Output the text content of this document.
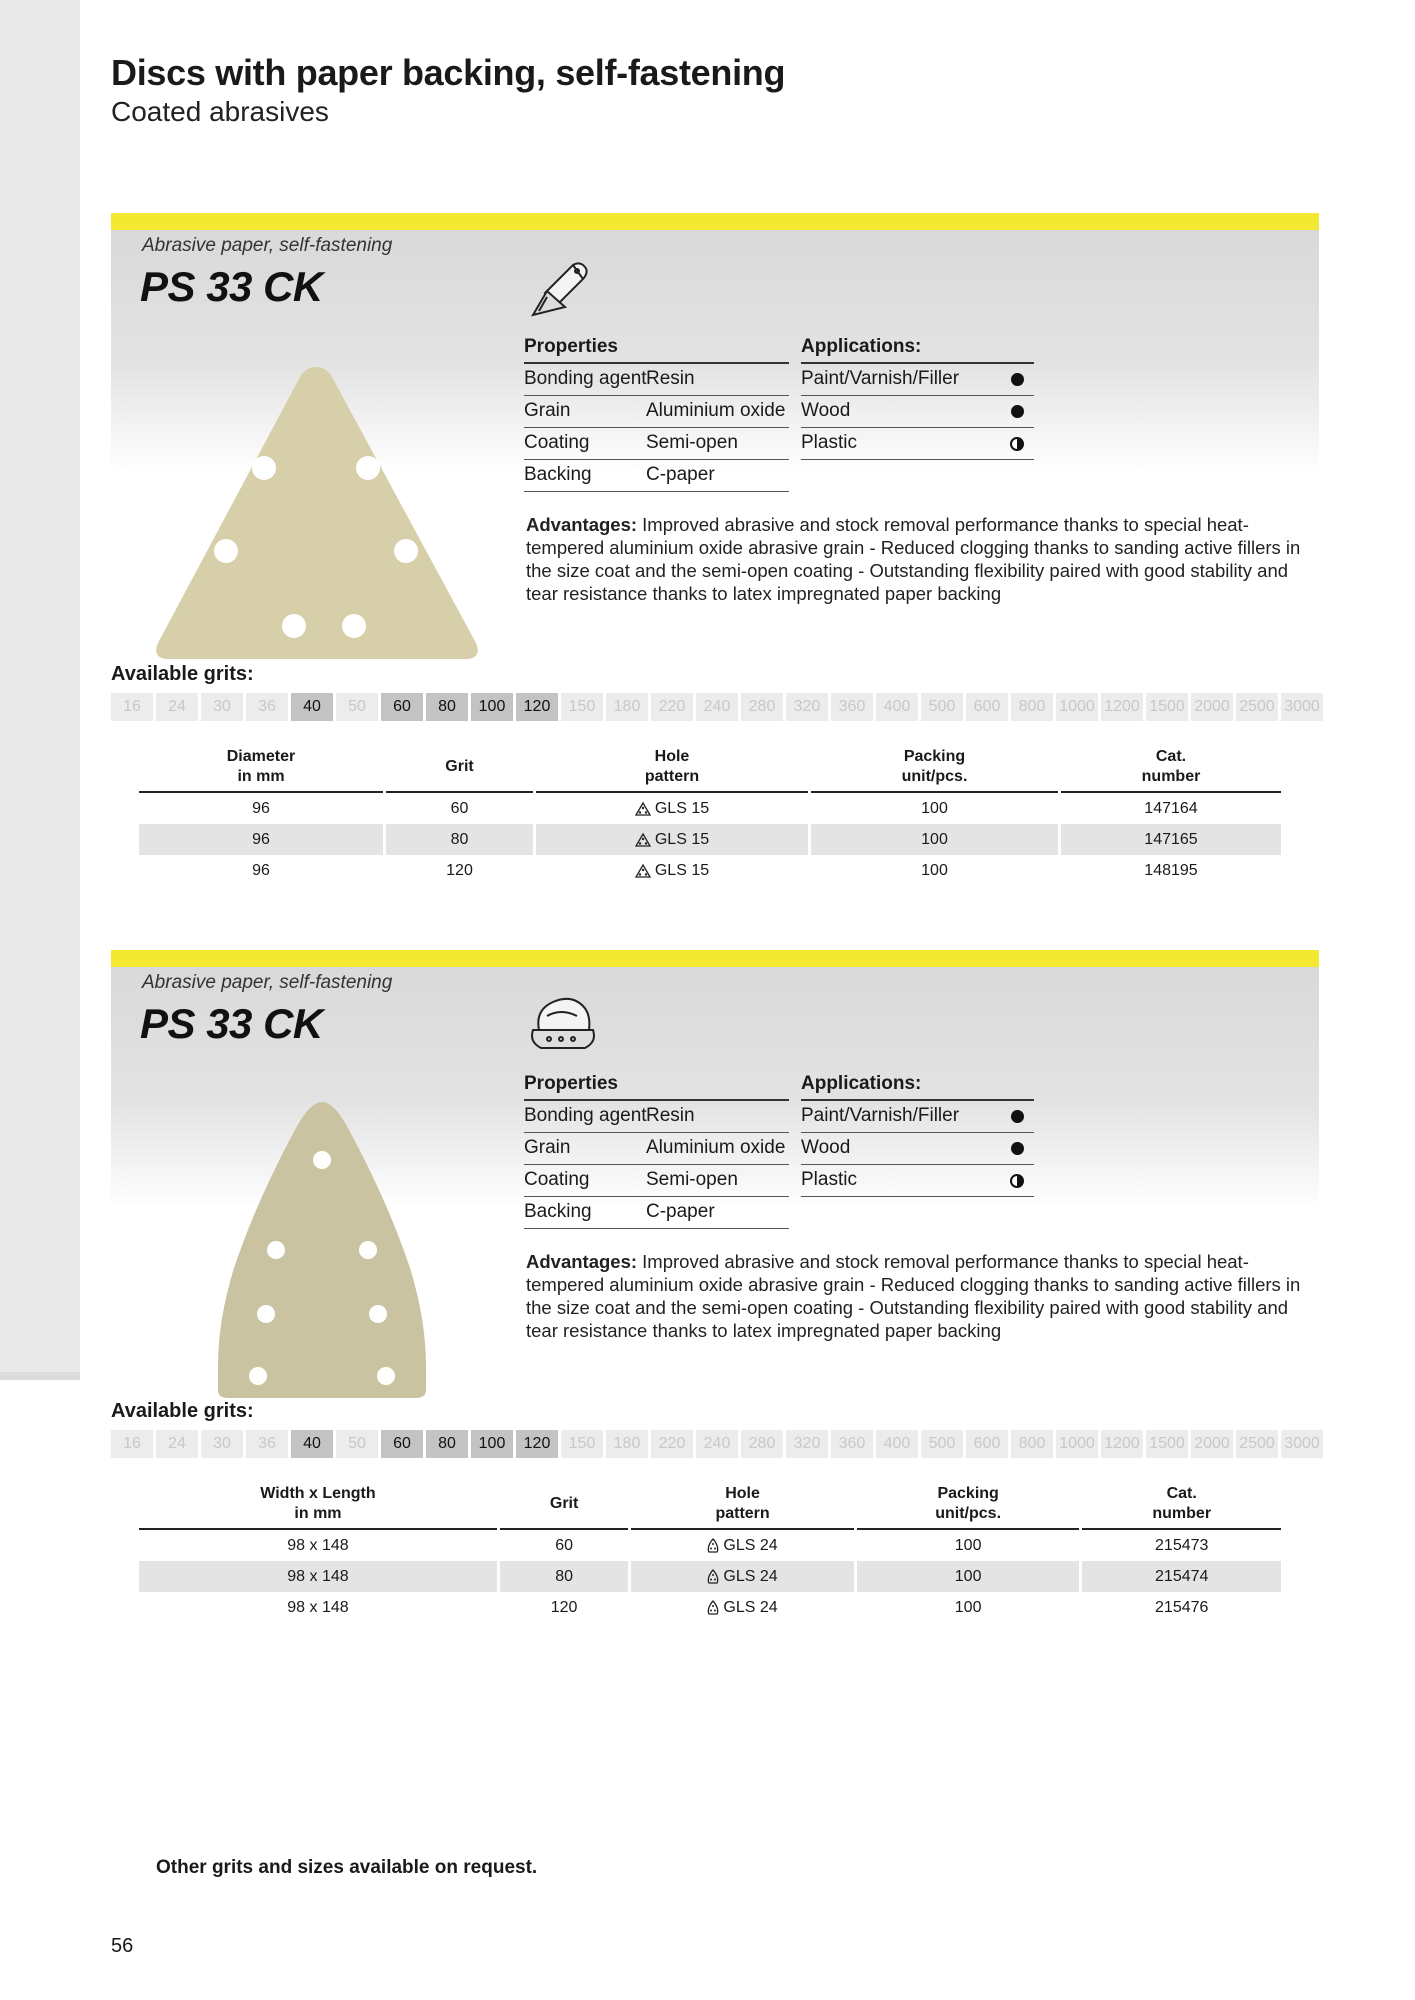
Discs with paper backing, self-fastening
Coated abrasives
Abrasive paper, self-fastening
PS 33 CK
Properties
Bonding agent Resin
Grain	Aluminium oxide
Coating	Semi-open
Backing	C-paper
Applications:
Paint/Varnish/Filler
Wood
Plastic
Advantages: Improved abrasive and stock removal performance thanks to special heat-tempered aluminium oxide abrasive grain - Reduced clogging thanks to sanding active fillers in the size coat and the semi-open coating - Outstanding flexibility paired with good stability and tear resistance thanks to latex impregnated paper backing
Available grits:
16	24	30	36	40	50	60	80	100	120	150	180	220	240	280	320	360	400	500	600	800 1000 1200 1500 2000 2500 3000
Diameter
in mm		Grit		Hole
pattern		Packing
unit/pcs.		Cat.
number
96		60		GLS 15		100		147164
96		80		GLS 15		100		147165
96		120		GLS 15		100		148195
Abrasive paper, self-fastening
PS 33 CK
Properties
Bonding agent Resin
Grain	Aluminium oxide
Coating	Semi-open
Backing	C-paper
Applications:
Paint/Varnish/Filler
Wood
Plastic
Advantages: Improved abrasive and stock removal performance thanks to special heat-tempered aluminium oxide abrasive grain - Reduced clogging thanks to sanding active fillers in the size coat and the semi-open coating - Outstanding flexibility paired with good stability and tear resistance thanks to latex impregnated paper backing
Available grits:
16	24	30	36	40	50	60	80	100	120	150	180	220	240	280	320	360	400	500	600	800 1000 1200 1500 2000 2500 3000
Width x Length
in mm		Grit		Hole
pattern		Packing
unit/pcs.		Cat.
number
98 x 148		60		GLS 24		100		215473
98 x 148		80		GLS 24		100		215474
98 x 148		120		GLS 24		100		215476
Other grits and sizes available on request.
56
